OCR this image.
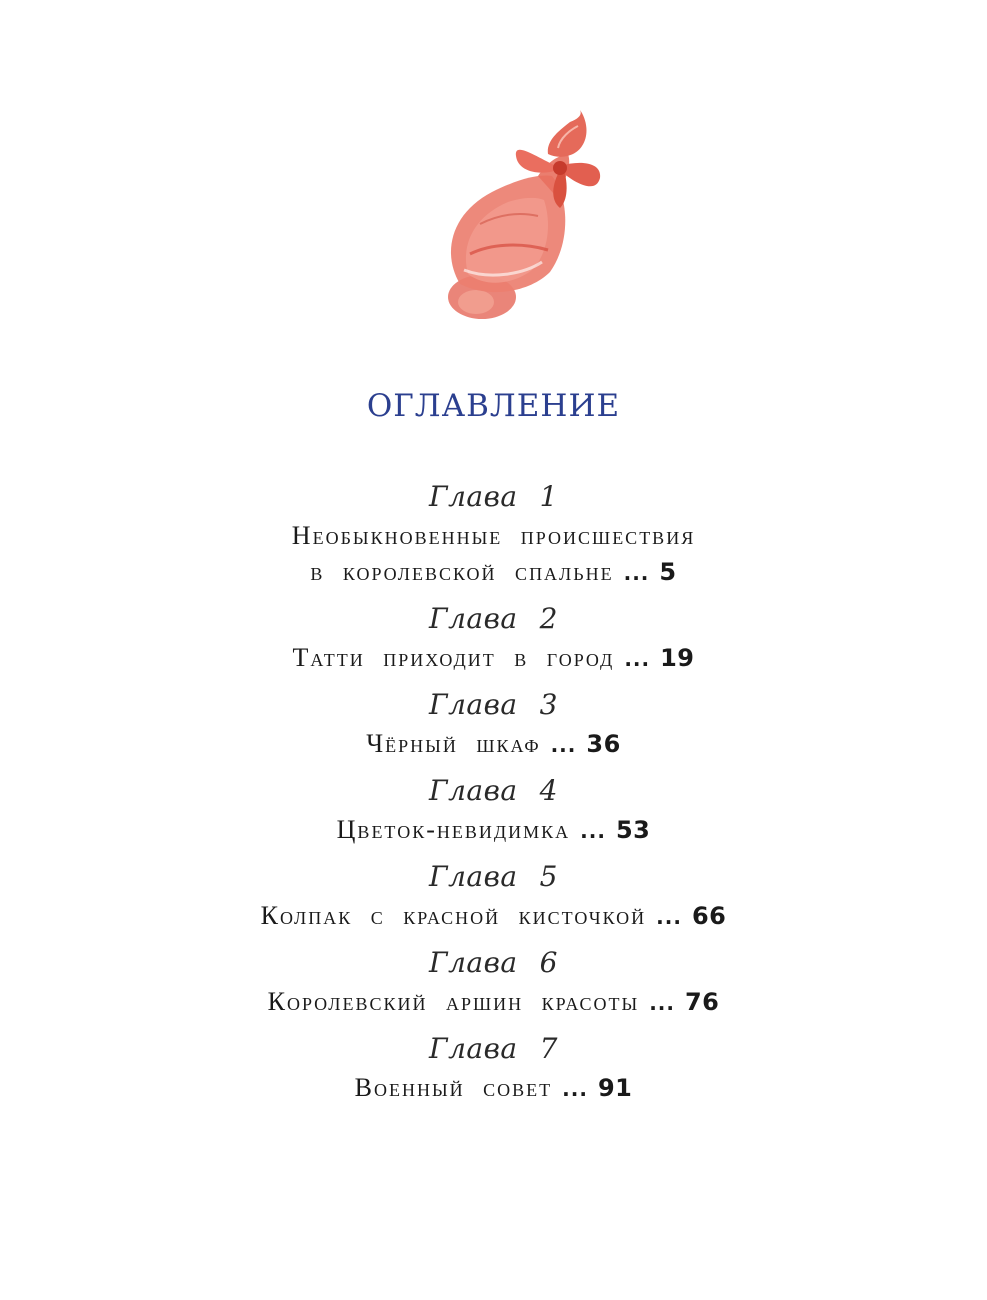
ОГЛАВЛЕНИЕ
Глава 1
Необыкновенные происшествия
в королевской спальне ... 5
Глава 2
Татти приходит в город ... 19
Глава 3
Чёрный шкаф ... 36
Глава 4
Цветок-невидимка ... 53
Глава 5
Колпак с красной кисточкой ... 66
Глава 6
Королевский аршин красоты ... 76
Глава 7
Военный совет ... 91
